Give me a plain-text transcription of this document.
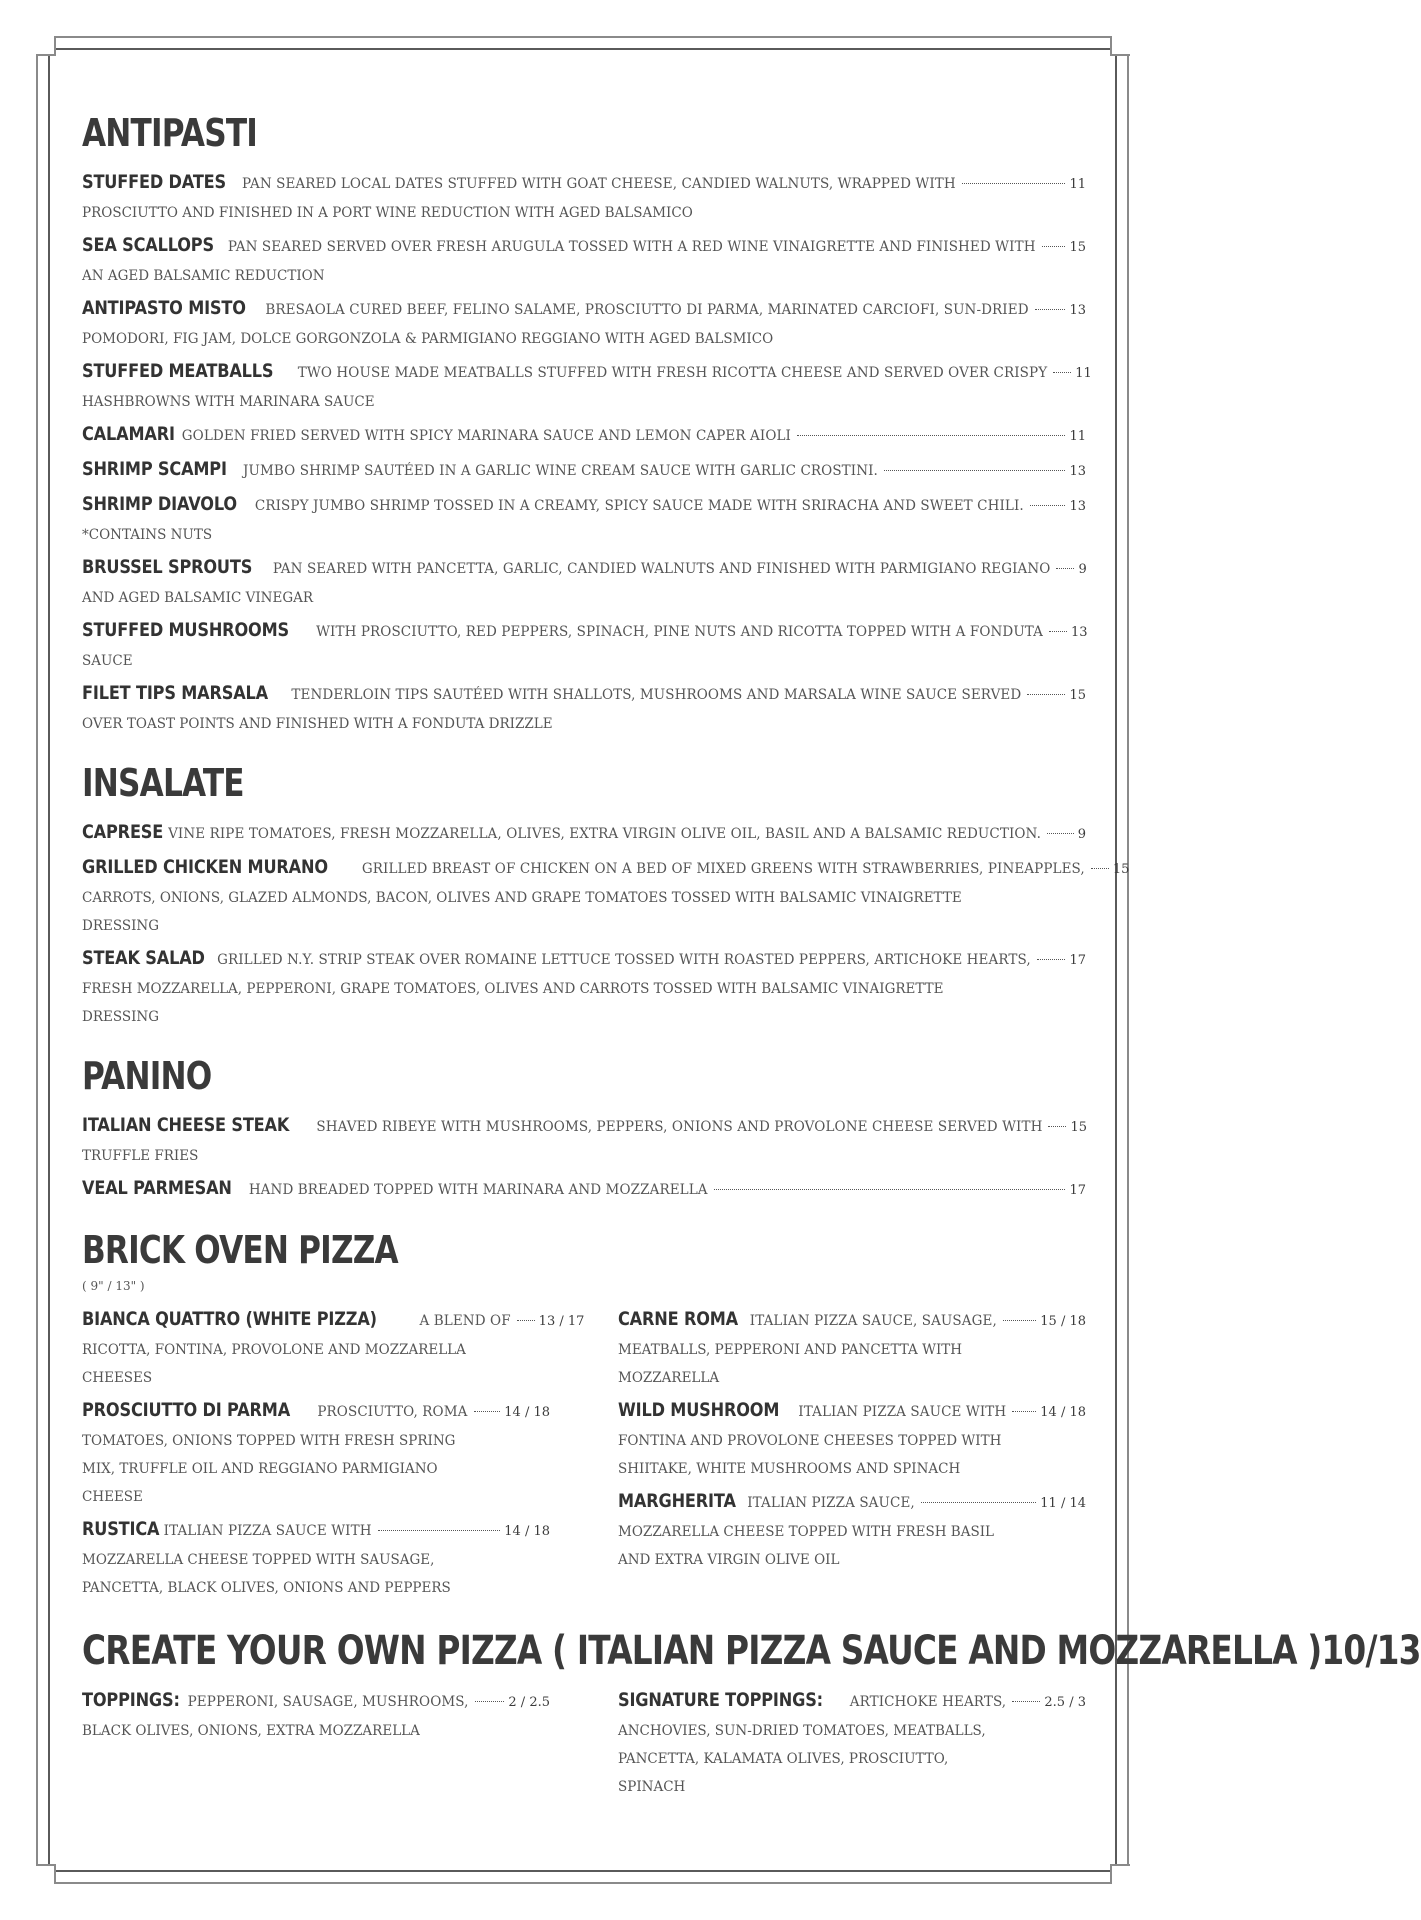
ANTIPASTI
STUFFED DATES PAN SEARED LOCAL DATES STUFFED WITH GOAT CHEESE, CANDIED WALNUTS, WRAPPED WITH	11
PROSCIUTTO AND FINISHED IN A PORT WINE REDUCTION WITH AGED BALSAMICO
SEA SCALLOPS PAN SEARED SERVED OVER FRESH ARUGULA TOSSED WITH A RED WINE VINAIGRETTE AND FINISHED WITH	15
AN AGED BALSAMIC REDUCTION
ANTIPASTO MISTO BRESAOLA CURED BEEF, FELINO SALAME, PROSCIUTTO DI PARMA, MARINATED CARCIOFI, SUN-DRIED	13
POMODORI, FIG JAM, DOLCE GORGONZOLA & PARMIGIANO REGGIANO WITH AGED BALSMICO
STUFFED MEATBALLS TWO HOUSE MADE MEATBALLS STUFFED WITH FRESH RICOTTA CHEESE AND SERVED OVER CRISPY 11
HASHBROWNS WITH MARINARA SAUCE
CALAMARI GOLDEN FRIED SERVED WITH SPICY MARINARA SAUCE AND LEMON CAPER AIOLI	11
SHRIMP SCAMPI JUMBO SHRIMP SAUTÉED IN A GARLIC WINE CREAM SAUCE WITH GARLIC CROSTINI.	13
SHRIMP DIAVOLO CRISPY JUMBO SHRIMP TOSSED IN A CREAMY, SPICY SAUCE MADE WITH SRIRACHA AND SWEET CHILI.	13
*CONTAINS NUTS
BRUSSEL SPROUTS PAN SEARED WITH PANCETTA, GARLIC, CANDIED WALNUTS AND FINISHED WITH PARMIGIANO REGIANO 9
AND AGED BALSAMIC VINEGAR
STUFFED MUSHROOMS WITH PROSCIUTTO, RED PEPPERS, SPINACH, PINE NUTS AND RICOTTA TOPPED WITH A FONDUTA 13
SAUCE
FILET TIPS MARSALA TENDERLOIN TIPS SAUTÉED WITH SHALLOTS, MUSHROOMS AND MARSALA WINE SAUCE SERVED	15
OVER TOAST POINTS AND FINISHED WITH A FONDUTA DRIZZLE
INSALATE
CAPRESE VINE RIPE TOMATOES, FRESH MOZZARELLA, OLIVES, EXTRA VIRGIN OLIVE OIL, BASIL AND A BALSAMIC REDUCTION.	9
GRILLED CHICKEN MURANO	GRILLED BREAST OF CHICKEN ON A BED OF MIXED GREENS WITH STRAWBERRIES, PINEAPPLES, 15
CARROTS, ONIONS, GLAZED ALMONDS, BACON, OLIVES AND GRAPE TOMATOES TOSSED WITH BALSAMIC VINAIGRETTE
DRESSING
STEAK SALAD GRILLED N.Y. STRIP STEAK OVER ROMAINE LETTUCE TOSSED WITH ROASTED PEPPERS, ARTICHOKE HEARTS,	17
FRESH MOZZARELLA, PEPPERONI, GRAPE TOMATOES, OLIVES AND CARROTS TOSSED WITH BALSAMIC VINAIGRETTE
DRESSING
PANINO
ITALIAN CHEESE STEAK SHAVED RIBEYE WITH MUSHROOMS, PEPPERS, ONIONS AND PROVOLONE CHEESE SERVED WITH 15
TRUFFLE FRIES
VEAL PARMESAN HAND BREADED TOPPED WITH MARINARA AND MOZZARELLA	17
BRICK OVEN PIZZA
( 9" / 13" )
BIANCA QUATTRO (WHITE PIZZA)	A BLEND OF 13 / 17
RICOTTA, FONTINA, PROVOLONE AND MOZZARELLA
CHEESES
PROSCIUTTO DI PARMA PROSCIUTTO, ROMA	14 / 18
TOMATOES, ONIONS TOPPED WITH FRESH SPRING
MIX, TRUFFLE OIL AND REGGIANO PARMIGIANO
CHEESE
RUSTICA ITALIAN PIZZA SAUCE WITH	14 / 18
MOZZARELLA CHEESE TOPPED WITH SAUSAGE,
PANCETTA, BLACK OLIVES, ONIONS AND PEPPERS
CARNE ROMA ITALIAN PIZZA SAUCE, SAUSAGE,	15 / 18
MEATBALLS, PEPPERONI AND PANCETTA WITH
MOZZARELLA
WILD MUSHROOM ITALIAN PIZZA SAUCE WITH	14 / 18
FONTINA AND PROVOLONE CHEESES TOPPED WITH
SHIITAKE, WHITE MUSHROOMS AND SPINACH
MARGHERITA ITALIAN PIZZA SAUCE,	11 / 14
MOZZARELLA CHEESE TOPPED WITH FRESH BASIL
AND EXTRA VIRGIN OLIVE OIL
CREATE YOUR OWN PIZZA ( ITALIAN PIZZA SAUCE AND MOZZARELLA )10/13
TOPPINGS: PEPPERONI, SAUSAGE, MUSHROOMS,	2 / 2.5
BLACK OLIVES, ONIONS, EXTRA MOZZARELLA
SIGNATURE TOPPINGS: ARTICHOKE HEARTS,	2.5 / 3
ANCHOVIES, SUN-DRIED TOMATOES, MEATBALLS,
PANCETTA, KALAMATA OLIVES, PROSCIUTTO,
SPINACH
